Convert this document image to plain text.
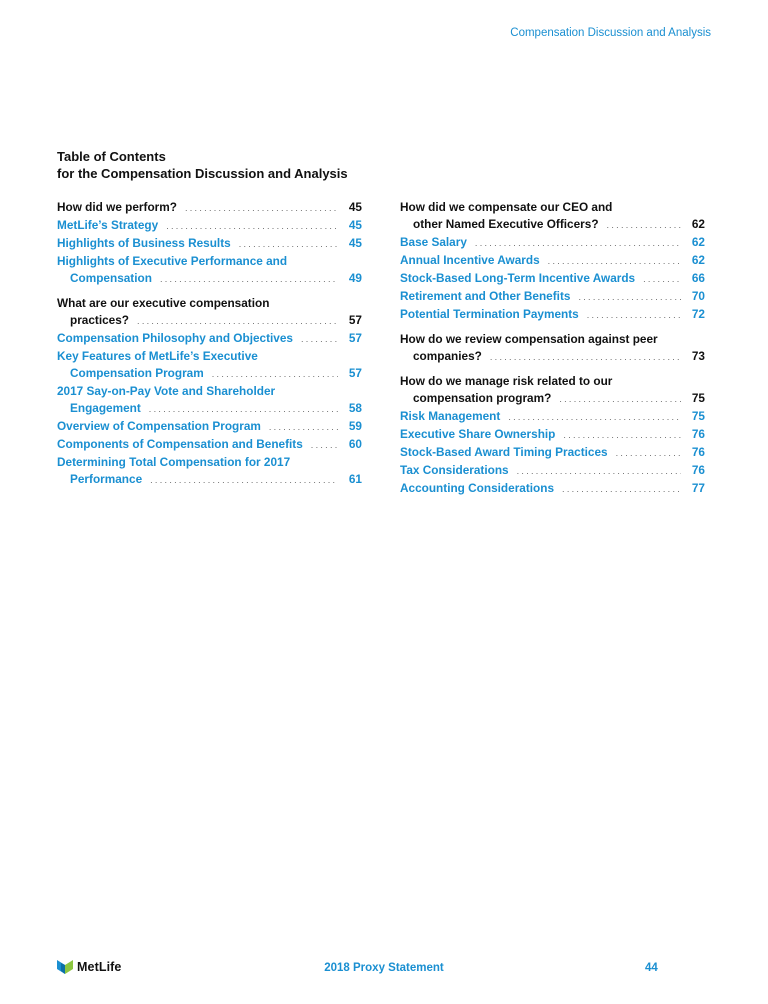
Compensation Discussion and Analysis
Table of Contents
for the Compensation Discussion and Analysis
How did we perform? .....	45
MetLife’s Strategy .....	45
Highlights of Business Results .....	45
Highlights of Executive Performance and
Compensation .....	49
What are our executive compensation
practices? .....	57
Compensation Philosophy and Objectives .....	57
Key Features of MetLife’s Executive
Compensation Program .....	57
2017 Say-on-Pay Vote and Shareholder
Engagement .....	58
Overview of Compensation Program .....	59
Components of Compensation and Benefits .....	60
Determining Total Compensation for 2017
Performance .....	61
How did we compensate our CEO and
other Named Executive Officers? .....	62
Base Salary .....	62
Annual Incentive Awards .....	62
Stock-Based Long-Term Incentive Awards .....	66
Retirement and Other Benefits .....	70
Potential Termination Payments .....	72
How do we review compensation against peer
companies? .....	73
How do we manage risk related to our
compensation program? .....	75
Risk Management .....	75
Executive Share Ownership .....	76
Stock-Based Award Timing Practices .....	76
Tax Considerations .....	76
Accounting Considerations .....	77
MetLife	2018 Proxy Statement	44
